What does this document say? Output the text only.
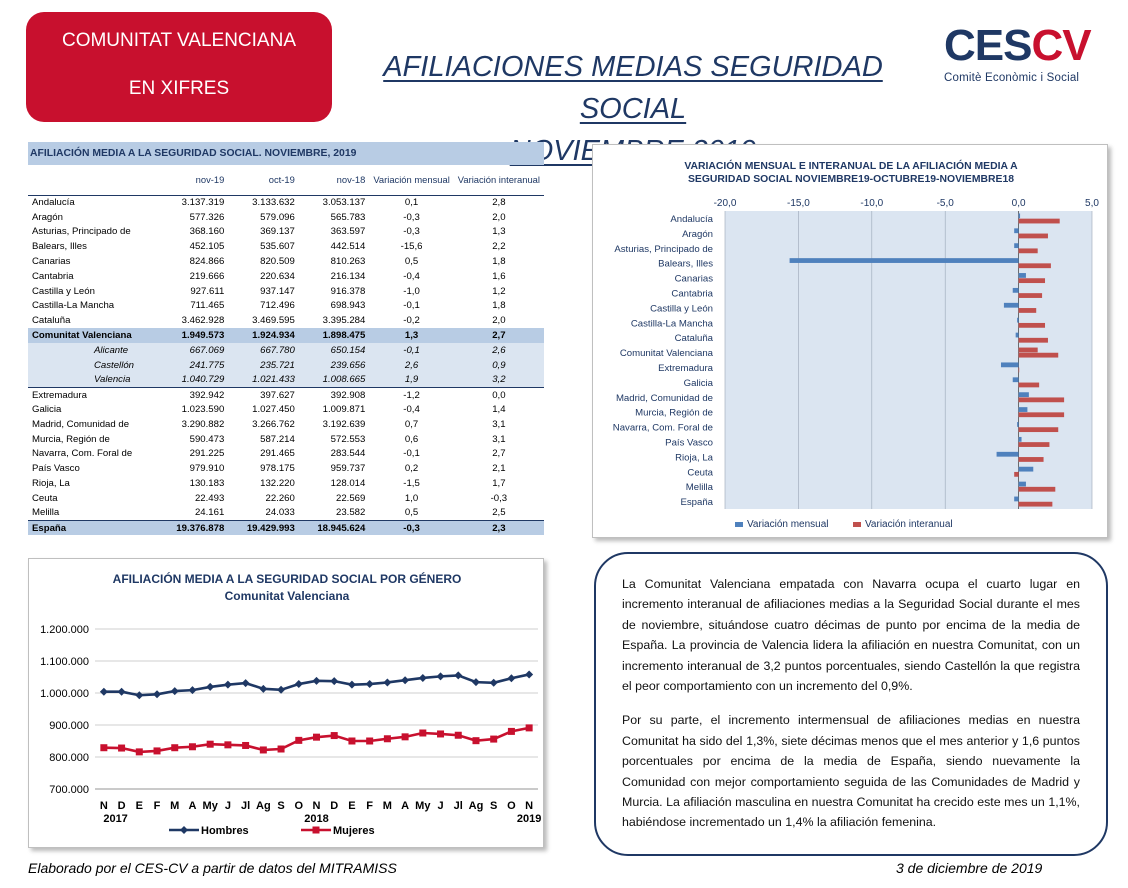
COMUNITAT VALENCIANA
EN XIFRES
AFILIACIONES MEDIAS SEGURIDAD SOCIAL
CESCV
Comitè Econòmic i Social
AFILIACIÓN MEDIA A LA SEGURIDAD SOCIAL. NOVIEMBRE, 2019
	nov-19	oct-19	nov-18	Variación mensual	Variación interanual
Andalucía	3.137.319	3.133.632	3.053.137	0,1	2,8
Aragón	577.326	579.096	565.783	-0,3	2,0
Asturias, Principado de	368.160	369.137	363.597	-0,3	1,3
Balears, Illes	452.105	535.607	442.514	-15,6	2,2
Canarias	824.866	820.509	810.263	0,5	1,8
Cantabria	219.666	220.634	216.134	-0,4	1,6
Castilla y León	927.611	937.147	916.378	-1,0	1,2
Castilla-La Mancha	711.465	712.496	698.943	-0,1	1,8
Cataluña	3.462.928	3.469.595	3.395.284	-0,2	2,0
Comunitat Valenciana	1.949.573	1.924.934	1.898.475	1,3	2,7
Alicante	667.069	667.780	650.154	-0,1	2,6
Castellón	241.775	235.721	239.656	2,6	0,9
Valencia	1.040.729	1.021.433	1.008.665	1,9	3,2
Extremadura	392.942	397.627	392.908	-1,2	0,0
Galicia	1.023.590	1.027.450	1.009.871	-0,4	1,4
Madrid, Comunidad de	3.290.882	3.266.762	3.192.639	0,7	3,1
Murcia, Región de	590.473	587.214	572.553	0,6	3,1
Navarra, Com. Foral de	291.225	291.465	283.544	-0,1	2,7
País Vasco	979.910	978.175	959.737	0,2	2,1
Rioja, La	130.183	132.220	128.014	-1,5	1,7
Ceuta	22.493	22.260	22.569	1,0	-0,3
Melilla	24.161	24.033	23.582	0,5	2,5
España	19.376.878	19.429.993	18.945.624	-0,3	2,3
VARIACIÓN MENSUAL E INTERANUAL DE LA AFILIACIÓN MEDIA A
SEGURIDAD SOCIAL NOVIEMBRE19-OCTUBRE19-NOVIEMBRE18
-20,0	-15,0	-10,0	-5,0	0,0	5,0
Andalucía
Aragón
Asturias, Principado de
Balears, Illes
Canarias
Cantabria
Castilla y León
Castilla-La Mancha
Cataluña
Comunitat Valenciana
Extremadura
Galicia
Madrid, Comunidad de
Murcia, Región de
Navarra, Com. Foral de
País Vasco
Rioja, La
Ceuta
Melilla
España
Variación mensual	Variación interanual
AFILIACIÓN MEDIA A LA SEGURIDAD SOCIAL POR GÉNERO
Comunitat Valenciana
700.000
800.000
900.000
1.000.000
1.100.000
1.200.000
N D E F M A My J Jl Ag S O N D E F M A My J Jl Ag S O N
2017	2018	2019
Hombres	Mujeres

La Comunitat Valenciana empatada con Navarra ocupa el cuarto lugar en incremento interanual de afiliaciones medias a la Seguridad Social durante el mes de noviembre, situándose cuatro décimas de punto por encima de la media de España. La provincia de Valencia lidera la afiliación en nuestra Comunitat, con un incremento interanual de 3,2 puntos porcentuales, siendo Castellón la que registra el peor comportamiento con un incremento del 0,9%.

Por su parte, el incremento intermensual de afiliaciones medias en nuestra Comunitat ha sido del 1,3%, siete décimas menos que el mes anterior y 1,6 puntos porcentuales por encima de la media de España, siendo nuevamente la Comunidad con mejor comportamiento seguida de las Comunidades de Madrid y Murcia. La afiliación masculina en nuestra Comunitat ha crecido este mes un 1,1%, habiéndose incrementado un 1,4% la afiliación femenina.

Elaborado por el CES-CV a partir de datos del MITRAMISS	3 de diciembre de 2019
